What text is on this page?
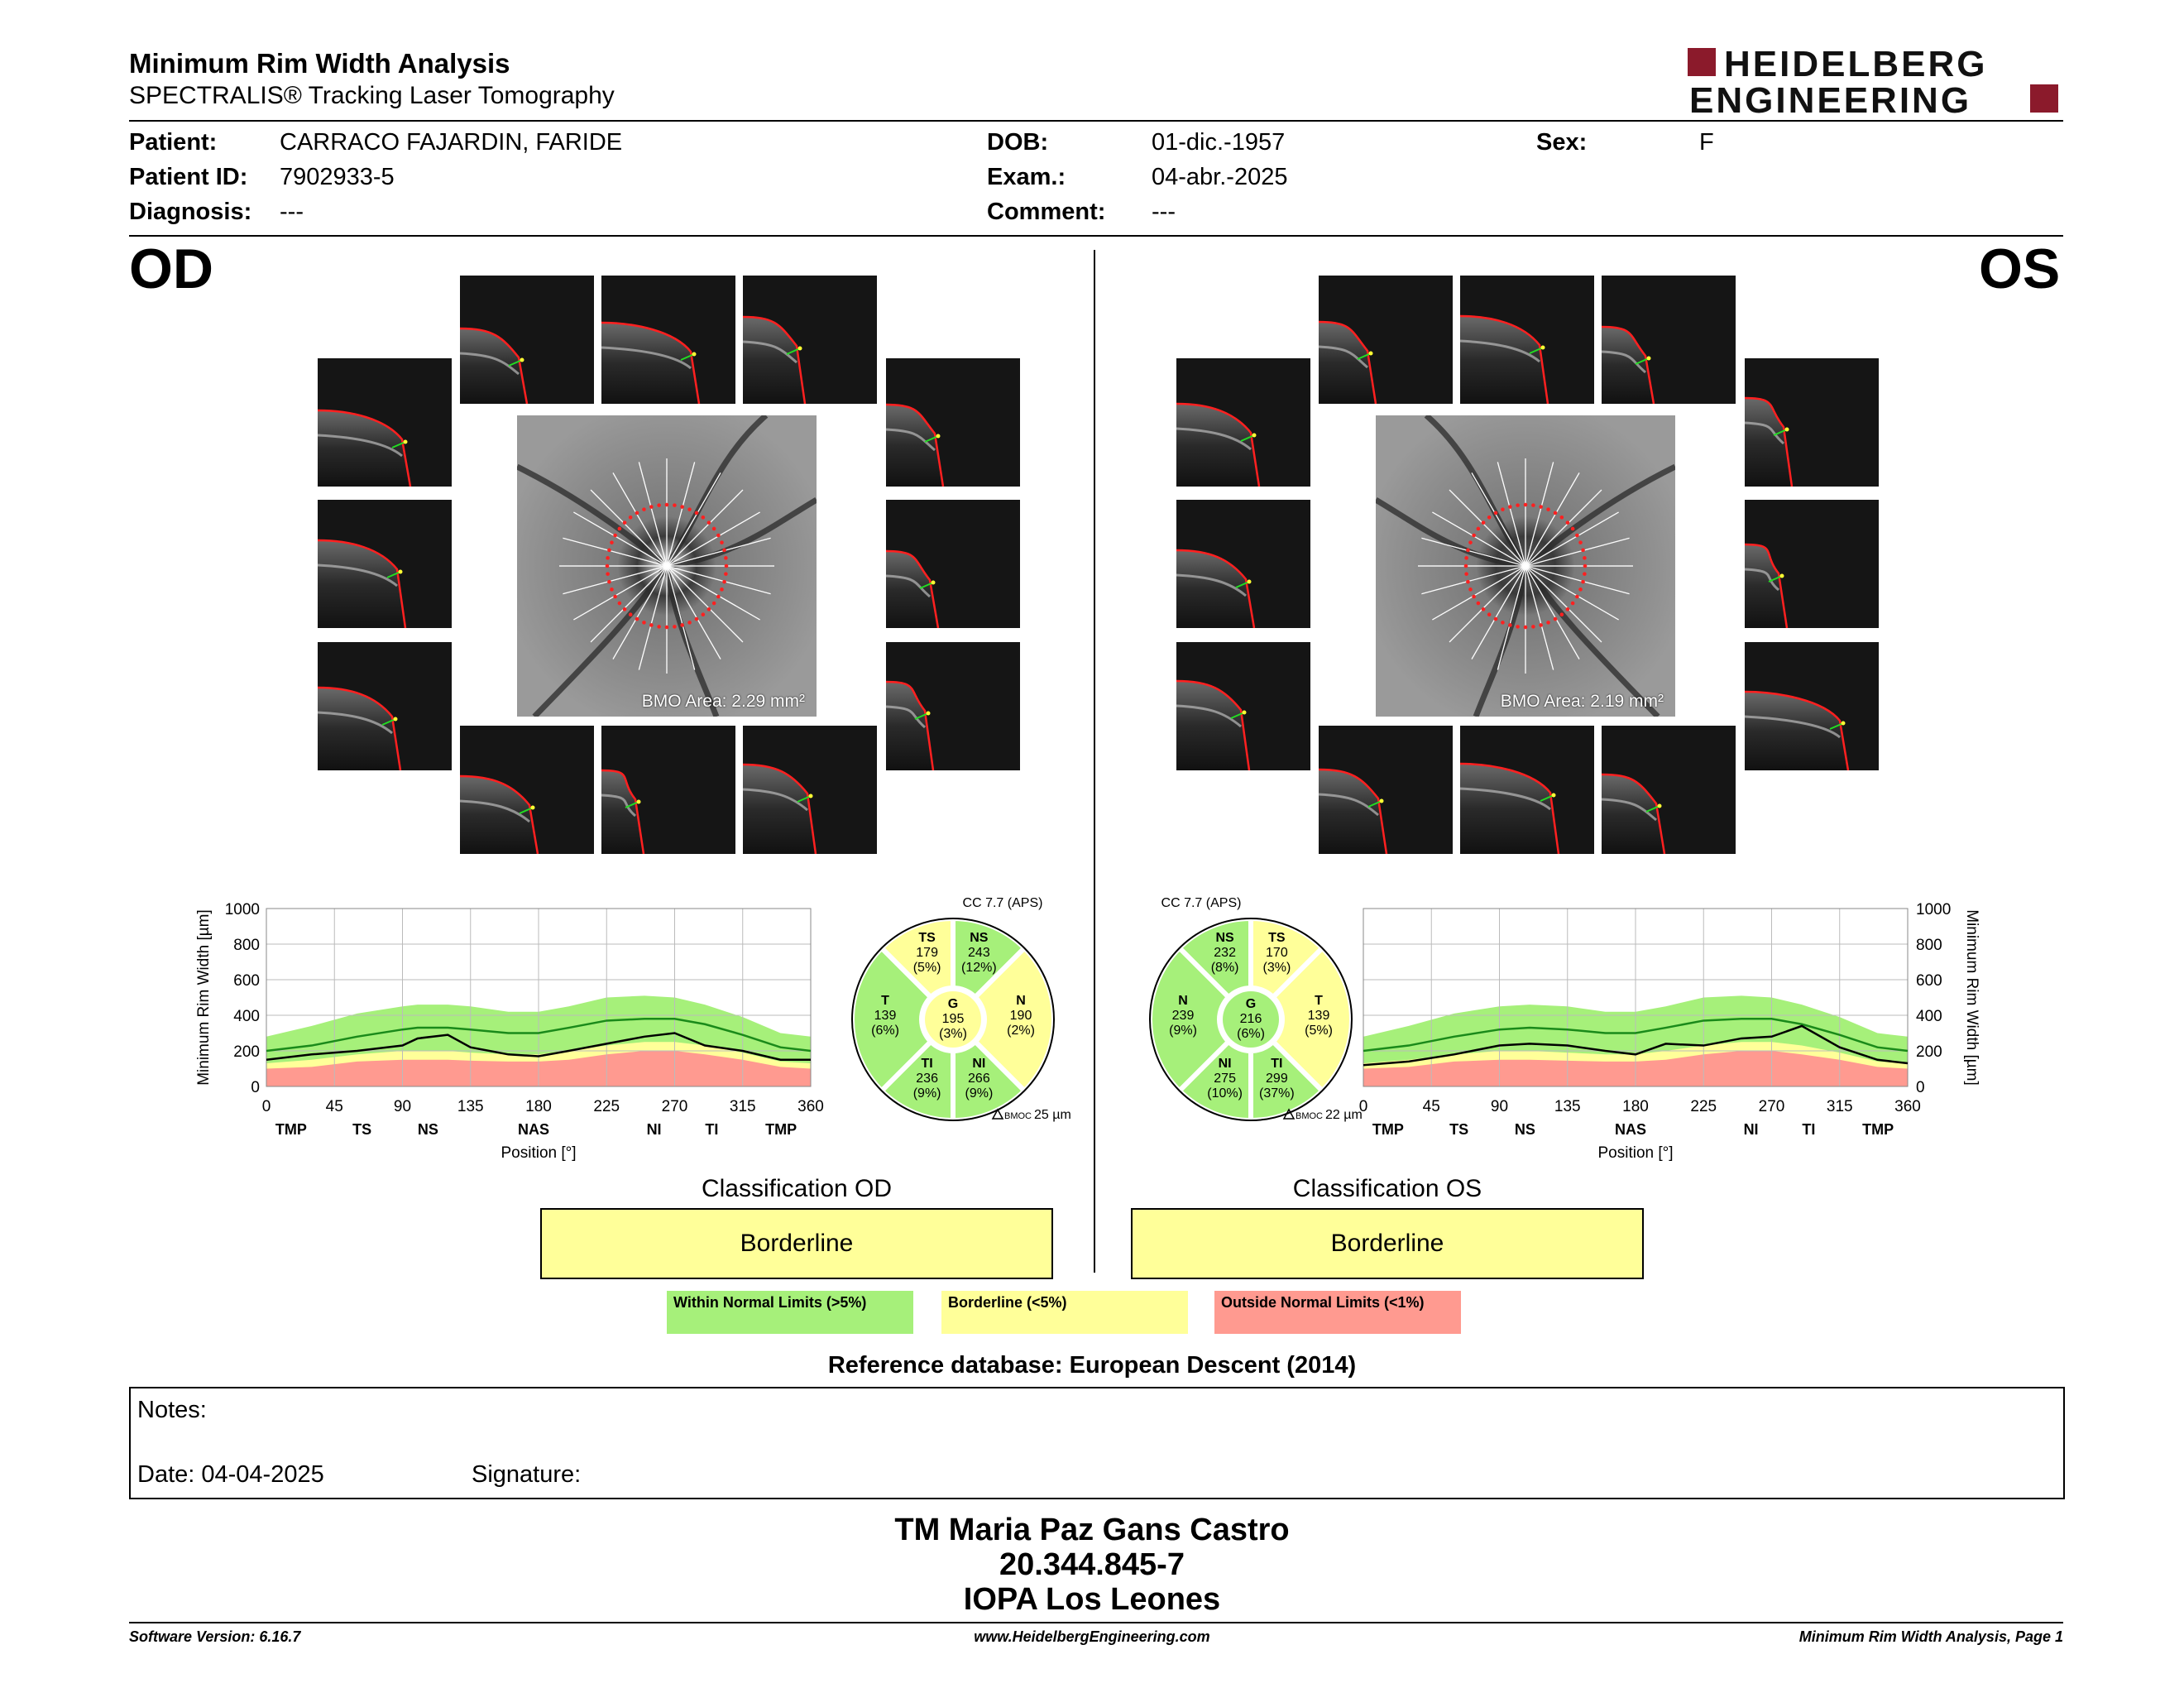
Minimum Rim Width Analysis
SPECTRALIS® Tracking Laser Tomography
HEIDELBERG
ENGINEERING
Patient:	CARRACO FAJARDIN, FARIDE
Patient ID: 7902933-5
Diagnosis: ---
DOB:	01-dic.-1957
Exam.:	04-abr.-2025
Comment: ---
Sex:	F
OD	OS
BMO Area: 2.29 mm²	BMO Area: 2.19 mm²
0	45	90	135	180	225	270	315	360
0
200
400
600
800
1000
TMP	TS	NS	NAS	NI	TI	TMP
Position [°]
Minimum Rim Width [µm]
0	45	90	135	180	225	270	315	360
0
200
400
600
800
1000
TMP	TS	NS	NAS	NI	TI	TMP
Position [°]
Minimum Rim Width [µm]
T
139
(6%)
TS
179
(5%)
NS
243
(12%)
N
190
(2%)
NI
266
(9%)
TI
236
(9%)
G
195
(3%)
CC 7.7 (APS)
BMOC 25 µm
T
139
(5%)
TS
170
(3%)
NS
232
(8%)
N
239
(9%)
NI
275
(10%)
TI
299
(37%)
G
216
(6%)
CC 7.7 (APS)
BMOC 22 µm
Classification OD
Borderline
Classification OS
Borderline
Within Normal Limits (>5%)	Borderline (<5%)	Outside Normal Limits (<1%)
Reference database: European Descent (2014)
Notes:
Date: 04-04-2025	Signature:
TM Maria Paz Gans Castro
20.344.845-7
IOPA Los Leones
Software Version: 6.16.7	www.HeidelbergEngineering.com	Minimum Rim Width Analysis, Page 1
